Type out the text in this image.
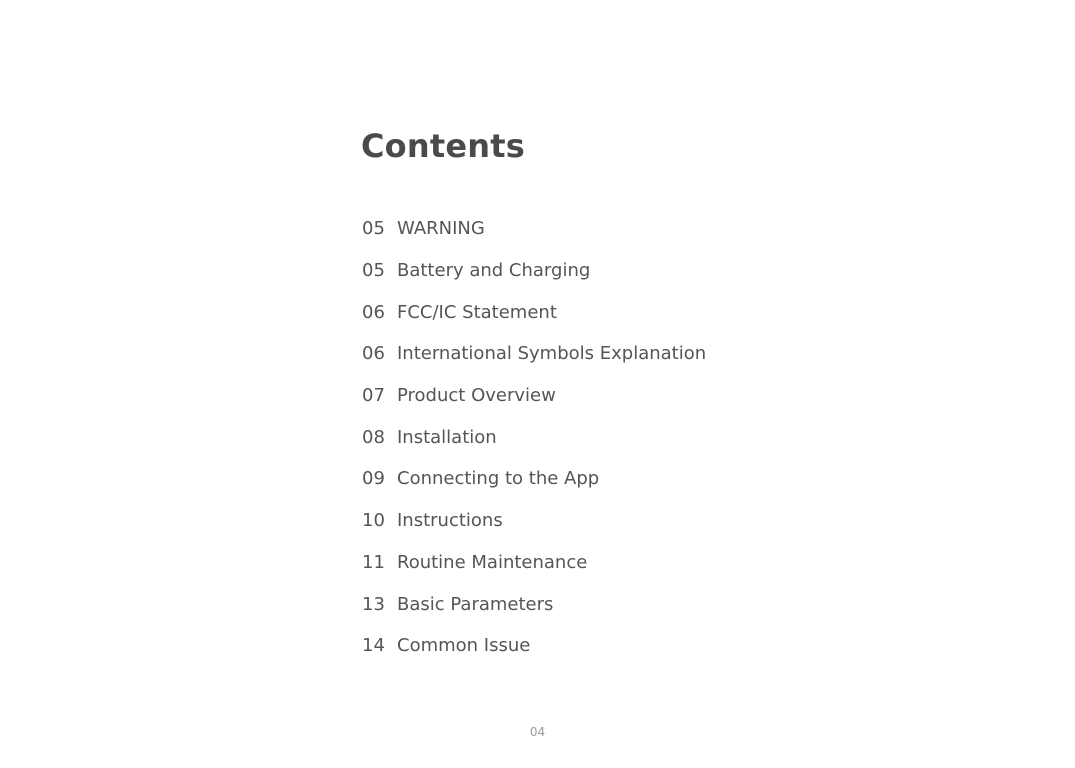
Contents
05 WARNING
05 Battery and Charging
06 FCC/IC Statement
06 International Symbols Explanation
07 Product Overview
08 Installation
09 Connecting to the App
10 Instructions
11 Routine Maintenance
13 Basic Parameters
14 Common Issue
04
